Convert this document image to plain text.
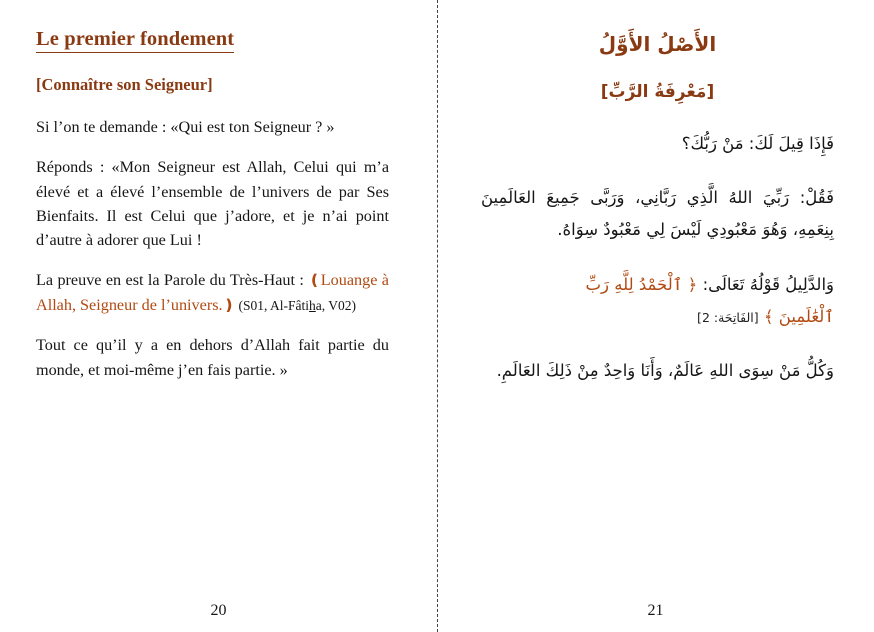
Le premier fondement
[Connaître son Seigneur]

Si l’on te demande : «Qui est ton Seigneur ? »

Réponds : «Mon Seigneur est Allah, Celui qui m’a élevé et a élevé l’ensemble de l’univers de par Ses Bienfaits. Il est Celui que j’adore, et je n’ai point d’autre à adorer que Lui !

La preuve en est la Parole du Très-Haut : ❪Louange à Allah, Seigneur de l’univers.❫ (S01, Al-Fâtiha, V02)

Tout ce qu’il y a en dehors d’Allah fait partie du monde, et moi-même j’en fais partie. »

20
الأَصْلُ الأَوَّلُ
[مَعْرِفَةُ الرَّبِّ]
فَإِذَا قِيلَ لَكَ: مَنْ رَبُّكَ؟
فَقُلْ: رَبِّيَ اللهُ الَّذِي رَبَّانِي، وَرَبَّى جَمِيعَ العَالَمِينَ بِنِعَمِهِ، وَهُوَ مَعْبُودِي لَيْسَ لِي مَعْبُودٌ سِوَاهُ.
وَالدَّلِيلُ قَوْلُهُ تَعَالَى: ﴿ ٱلْحَمْدُ لِلَّهِ رَبِّ
ٱلْعَٰلَمِينَ ﴾ [الفَاتِحَة: 2]
وَكُلُّ مَنْ سِوَى اللهِ عَالَمٌ، وَأَنَا وَاحِدٌ مِنْ ذَلِكَ العَالَمِ.
21
